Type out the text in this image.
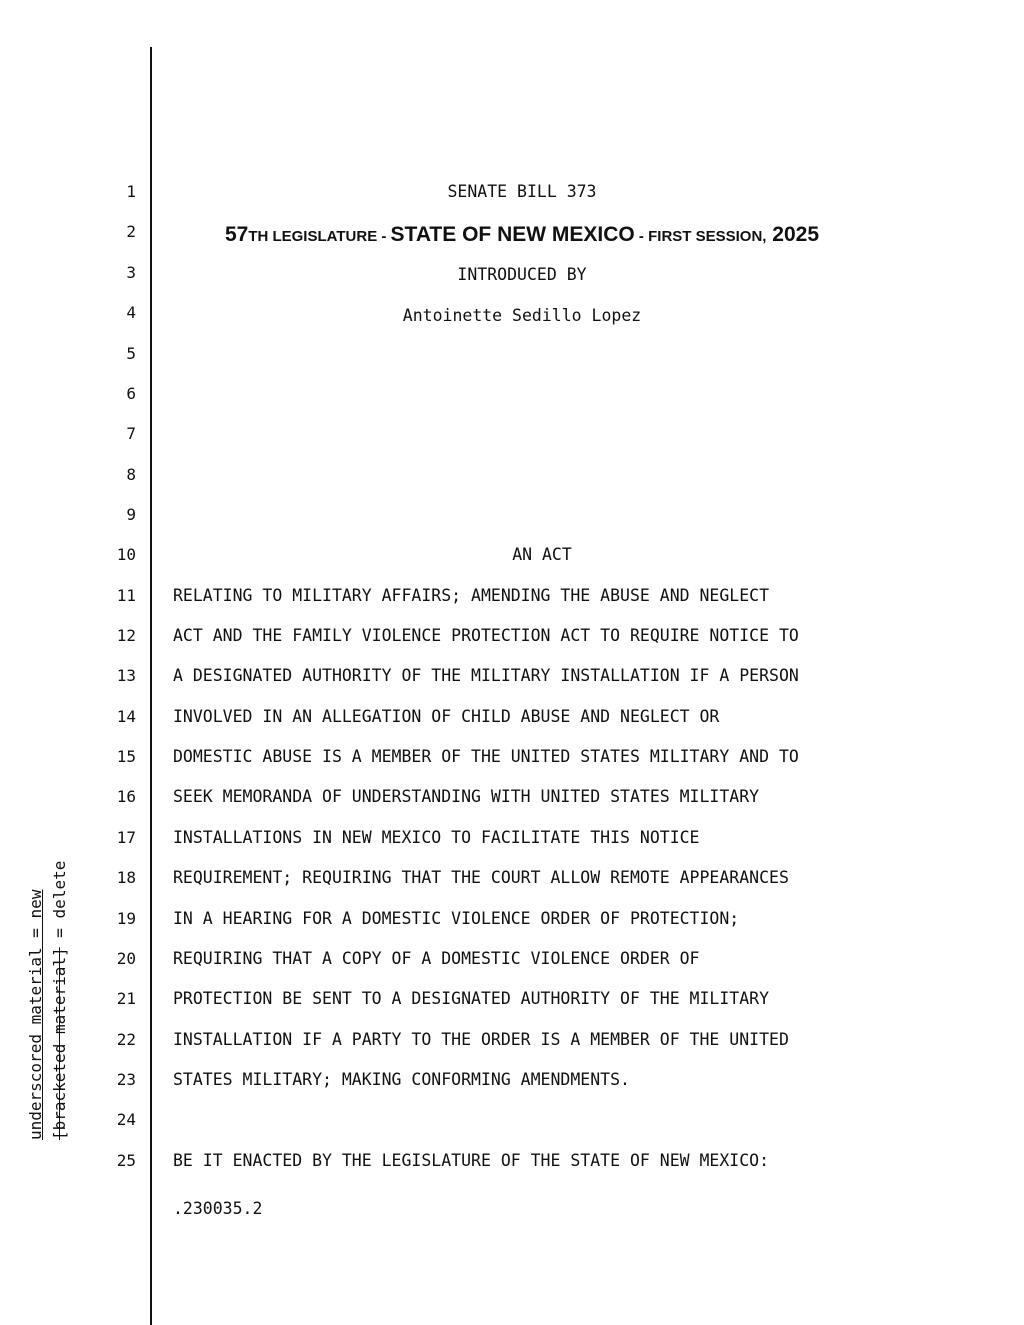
1
2
3
4
5
6
7
8
9
10
11
12
13
14
15
16
17
18
19
20
21
22
23
24
25
underscored material = new [bracketed material] = delete
SENATE BILL 373
57TH LEGISLATURE - STATE OF NEW MEXICO - FIRST SESSION, 2025
INTRODUCED BY
Antoinette Sedillo Lopez
AN ACT
RELATING TO MILITARY AFFAIRS; AMENDING THE ABUSE AND NEGLECT
ACT AND THE FAMILY VIOLENCE PROTECTION ACT TO REQUIRE NOTICE TO
A DESIGNATED AUTHORITY OF THE MILITARY INSTALLATION IF A PERSON
INVOLVED IN AN ALLEGATION OF CHILD ABUSE AND NEGLECT OR
DOMESTIC ABUSE IS A MEMBER OF THE UNITED STATES MILITARY AND TO
SEEK MEMORANDA OF UNDERSTANDING WITH UNITED STATES MILITARY
INSTALLATIONS IN NEW MEXICO TO FACILITATE THIS NOTICE
REQUIREMENT; REQUIRING THAT THE COURT ALLOW REMOTE APPEARANCES
IN A HEARING FOR A DOMESTIC VIOLENCE ORDER OF PROTECTION;
REQUIRING THAT A COPY OF A DOMESTIC VIOLENCE ORDER OF
PROTECTION BE SENT TO A DESIGNATED AUTHORITY OF THE MILITARY
INSTALLATION IF A PARTY TO THE ORDER IS A MEMBER OF THE UNITED
STATES MILITARY; MAKING CONFORMING AMENDMENTS.
BE IT ENACTED BY THE LEGISLATURE OF THE STATE OF NEW MEXICO:
.230035.2
